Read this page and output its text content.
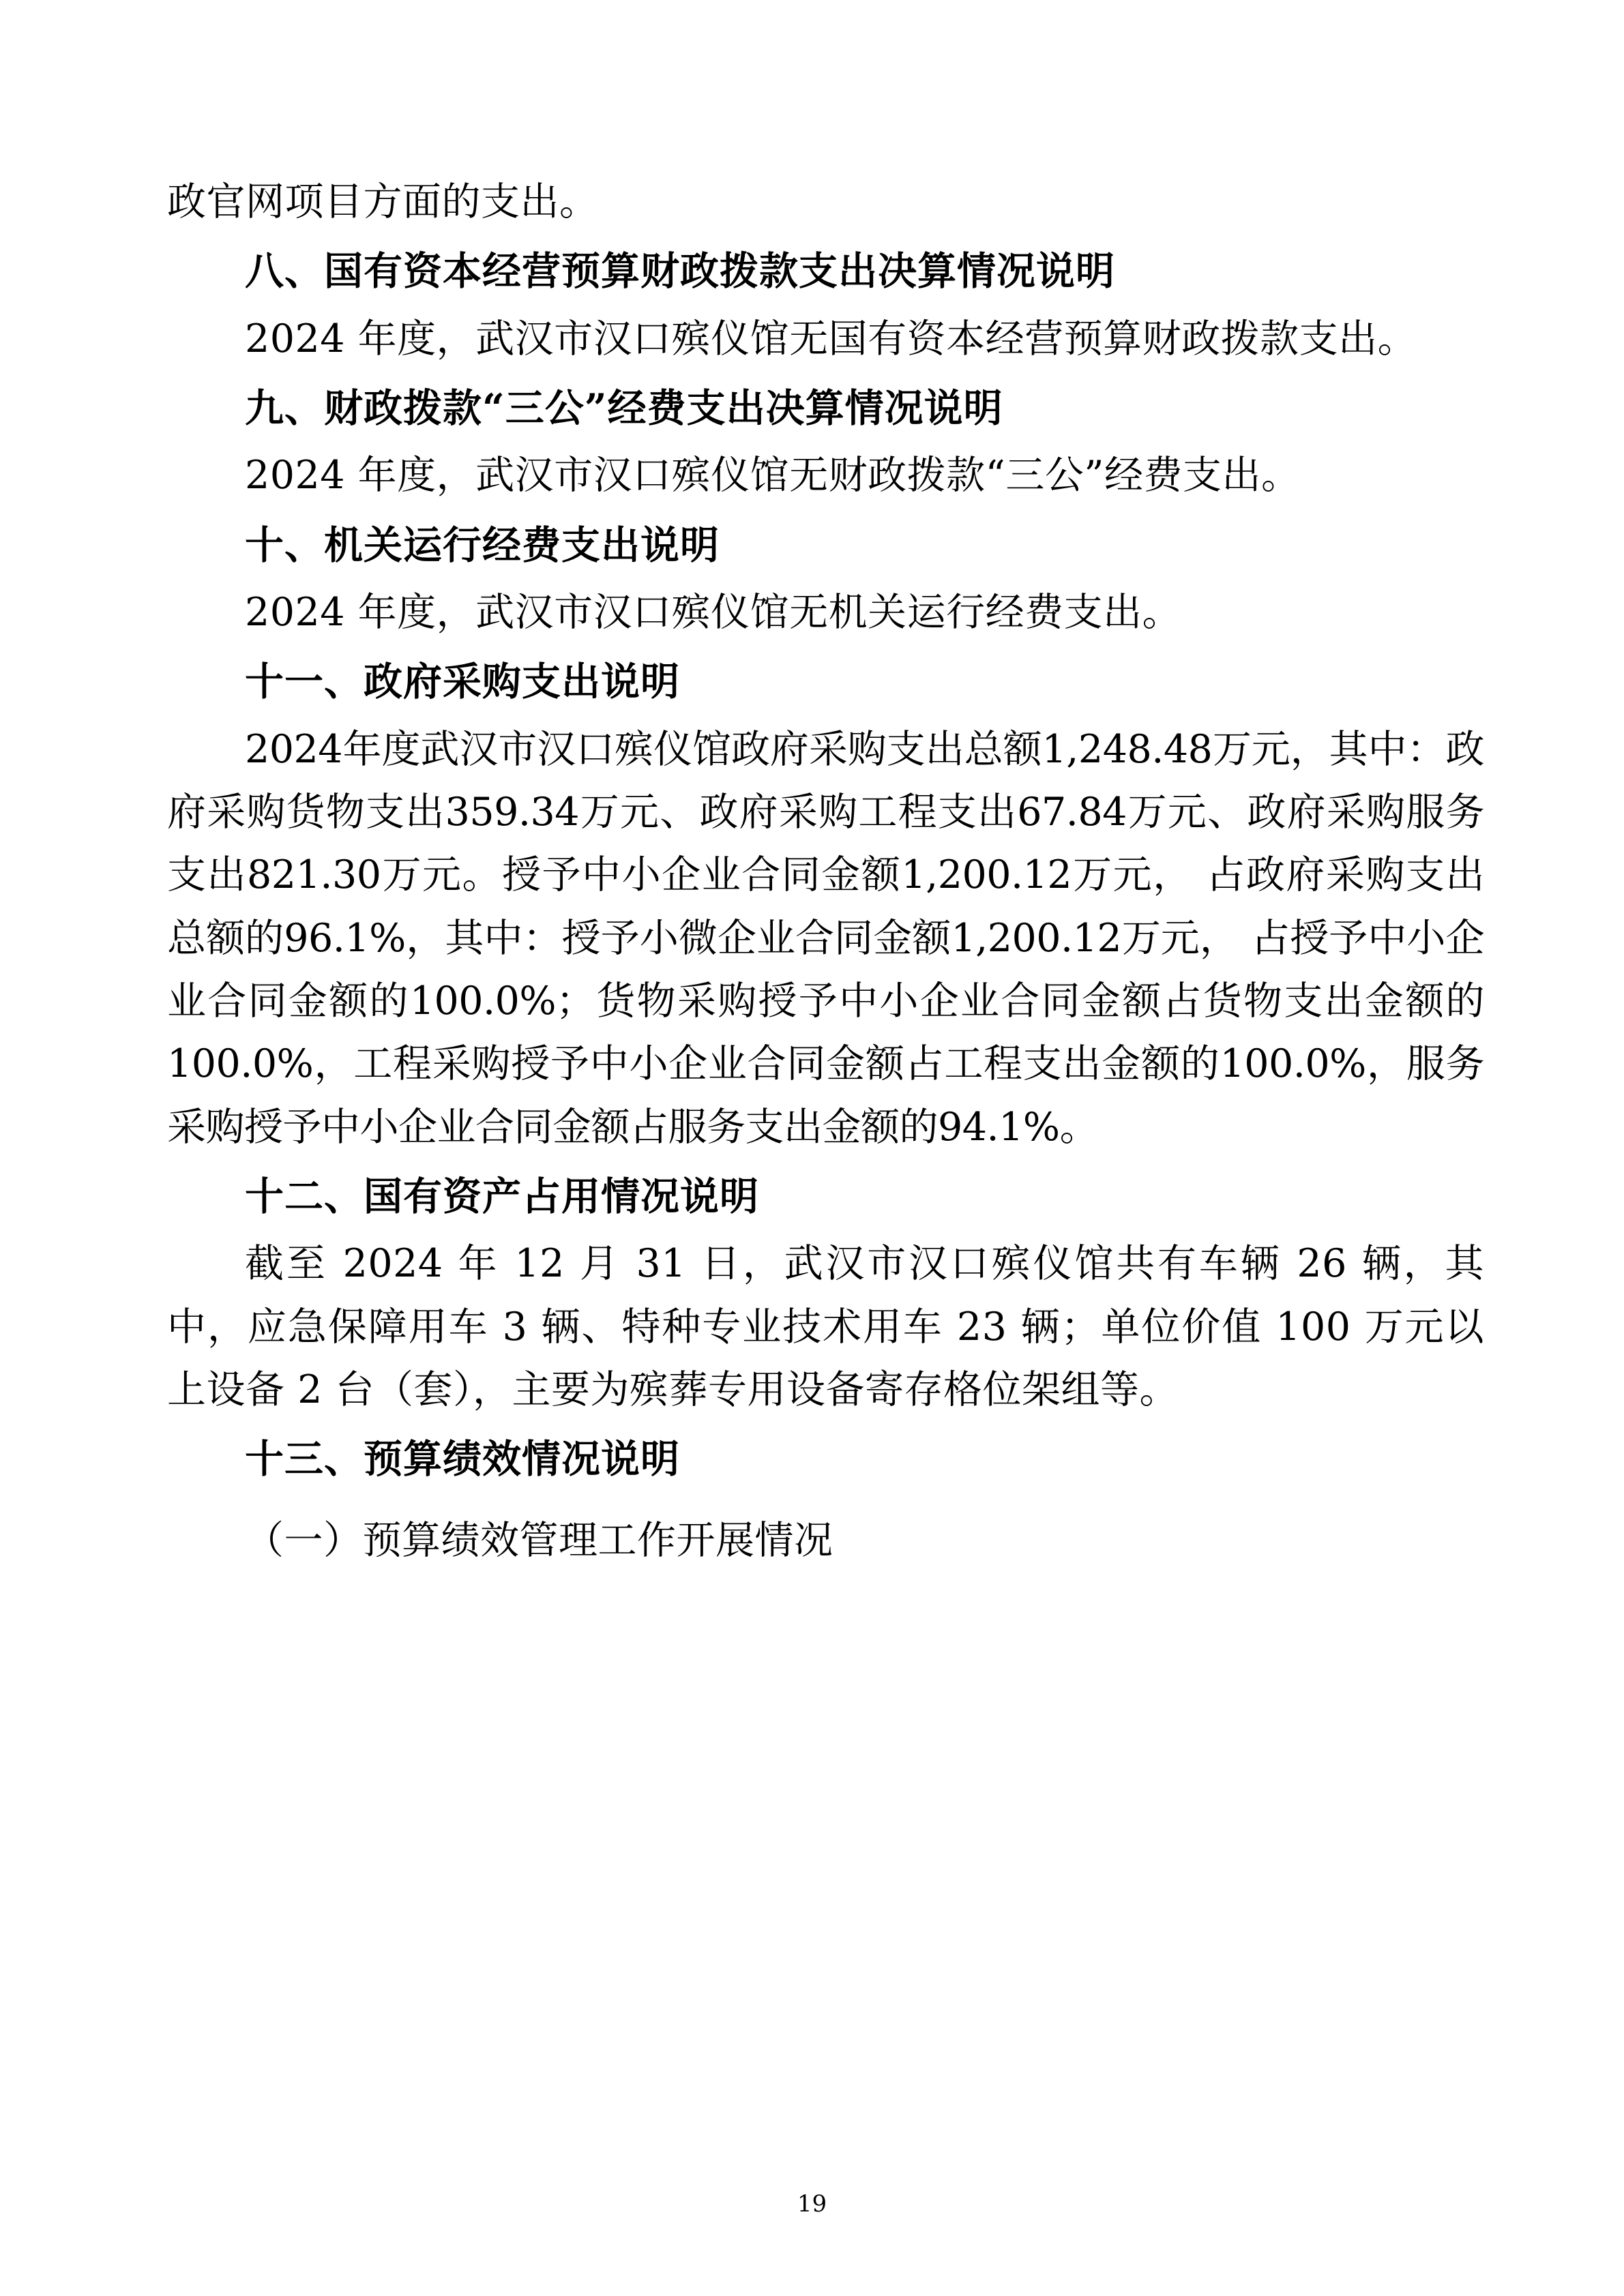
政官网项目方面的支出。

八、国有资本经营预算财政拨款支出决算情况说明

2024 年度，武汉市汉口殡仪馆无国有资本经营预算财政拨款支出。

九、财政拨款“三公”经费支出决算情况说明

2024 年度，武汉市汉口殡仪馆无财政拨款“三公”经费支出。

十、机关运行经费支出说明

2024 年度，武汉市汉口殡仪馆无机关运行经费支出。

十一、政府采购支出说明

2024年度武汉市汉口殡仪馆政府采购支出总额1,248.48万元，其中：政府采购货物支出359.34万元、政府采购工程支出67.84万元、政府采购服务支出821.30万元。授予中小企业合同金额1,200.12万元， 占政府采购支出总额的96.1%，其中：授予小微企业合同金额1,200.12万元， 占授予中小企业合同金额的100.0%；货物采购授予中小企业合同金额占货物支出金额的100.0%，工程采购授予中小企业合同金额占工程支出金额的100.0%，服务采购授予中小企业合同金额占服务支出金额的94.1%。

十二、国有资产占用情况说明

截至 2024 年 12 月 31 日，武汉市汉口殡仪馆共有车辆 26 辆，其中，应急保障用车 3 辆、特种专业技术用车 23 辆；单位价值 100 万元以上设备 2 台（套），主要为殡葬专用设备寄存格位架组等。

十三、预算绩效情况说明

（一）预算绩效管理工作开展情况

19
